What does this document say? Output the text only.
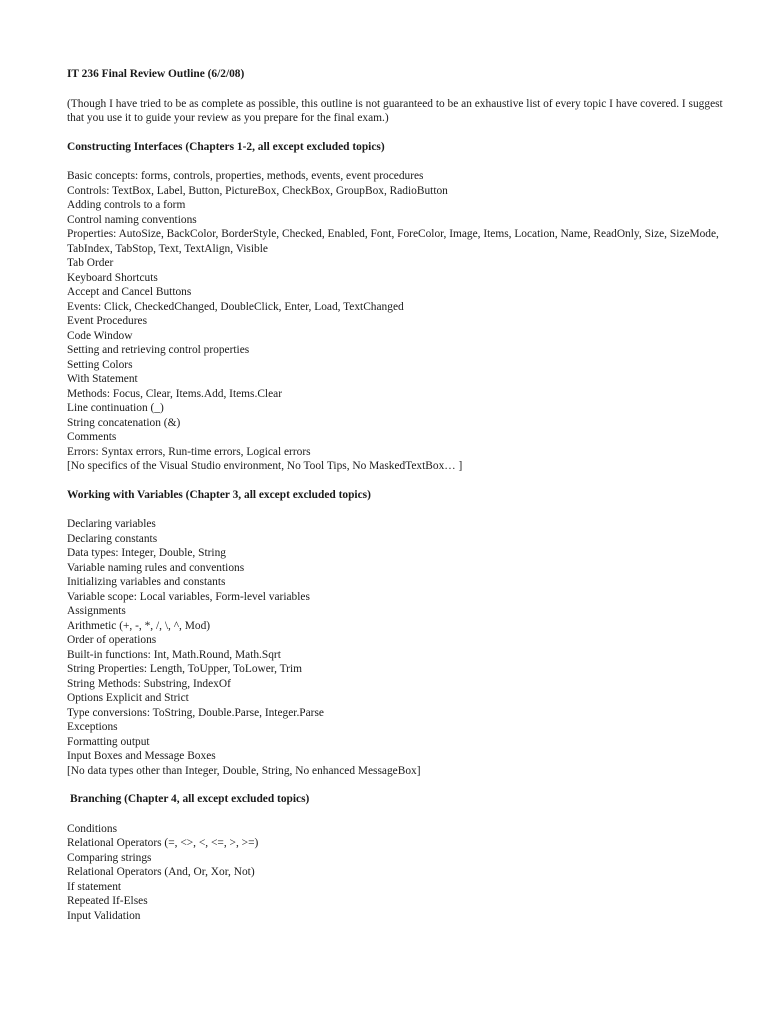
IT 236 Final Review Outline (6/2/08)

(Though I have tried to be as complete as possible, this outline is not guaranteed to be an exhaustive list of every topic I have covered. I suggest that you use it to guide your review as you prepare for the final exam.)

Constructing Interfaces (Chapters 1-2, all except excluded topics)

Basic concepts: forms, controls, properties, methods, events, event procedures
Controls: TextBox, Label, Button, PictureBox, CheckBox, GroupBox, RadioButton
Adding controls to a form
Control naming conventions
Properties: AutoSize, BackColor, BorderStyle, Checked, Enabled, Font, ForeColor, Image, Items, Location, Name, ReadOnly, Size, SizeMode, TabIndex, TabStop, Text, TextAlign, Visible
Tab Order
Keyboard Shortcuts
Accept and Cancel Buttons
Events: Click, CheckedChanged, DoubleClick, Enter, Load, TextChanged
Event Procedures
Code Window
Setting and retrieving control properties
Setting Colors
With Statement
Methods: Focus, Clear, Items.Add, Items.Clear
Line continuation (_)
String concatenation (&)
Comments
Errors: Syntax errors, Run-time errors, Logical errors
[No specifics of the Visual Studio environment, No Tool Tips, No MaskedTextBox… ]

Working with Variables (Chapter 3, all except excluded topics)

Declaring variables
Declaring constants
Data types: Integer, Double, String
Variable naming rules and conventions
Initializing variables and constants
Variable scope: Local variables, Form-level variables
Assignments
Arithmetic (+, -, *, /, \, ^, Mod)
Order of operations
Built-in functions: Int, Math.Round, Math.Sqrt
String Properties: Length, ToUpper, ToLower, Trim
String Methods: Substring, IndexOf
Options Explicit and Strict
Type conversions: ToString, Double.Parse, Integer.Parse
Exceptions
Formatting output
Input Boxes and Message Boxes
[No data types other than Integer, Double, String, No enhanced MessageBox]

Branching (Chapter 4, all except excluded topics)

Conditions
Relational Operators (=, <>, <, <=, >, >=)
Comparing strings
Relational Operators (And, Or, Xor, Not)
If statement
Repeated If-Elses
Input Validation
